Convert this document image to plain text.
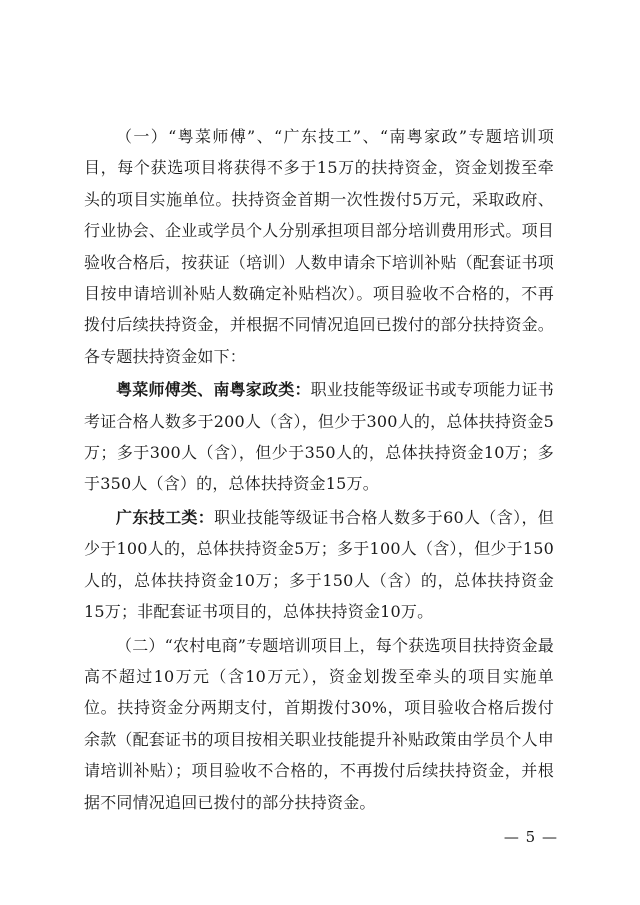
（一）“粤菜师傅”、“广东技工”、“南粤家政”专题培训项目，每个获选项目将获得不多于15万的扶持资金，资金划拨至牵头的项目实施单位。扶持资金首期一次性拨付5万元，采取政府、行业协会、企业或学员个人分别承担项目部分培训费用形式。项目验收合格后，按获证（培训）人数申请余下培训补贴（配套证书项目按申请培训补贴人数确定补贴档次）。项目验收不合格的，不再拨付后续扶持资金，并根据不同情况追回已拨付的部分扶持资金。各专题扶持资金如下：

粤菜师傅类、南粤家政类：职业技能等级证书或专项能力证书考证合格人数多于200人（含），但少于300人的，总体扶持资金5万；多于300人（含），但少于350人的，总体扶持资金10万；多于350人（含）的，总体扶持资金15万。

广东技工类：职业技能等级证书合格人数多于60人（含），但少于100人的，总体扶持资金5万；多于100人（含），但少于150人的，总体扶持资金10万；多于150人（含）的，总体扶持资金15万；非配套证书项目的，总体扶持资金10万。

（二）“农村电商”专题培训项目上，每个获选项目扶持资金最高不超过10万元（含10万元），资金划拨至牵头的项目实施单位。扶持资金分两期支付，首期拨付30%，项目验收合格后拨付余款（配套证书的项目按相关职业技能提升补贴政策由学员个人申请培训补贴）；项目验收不合格的，不再拨付后续扶持资金，并根据不同情况追回已拨付的部分扶持资金。

— 5 —
